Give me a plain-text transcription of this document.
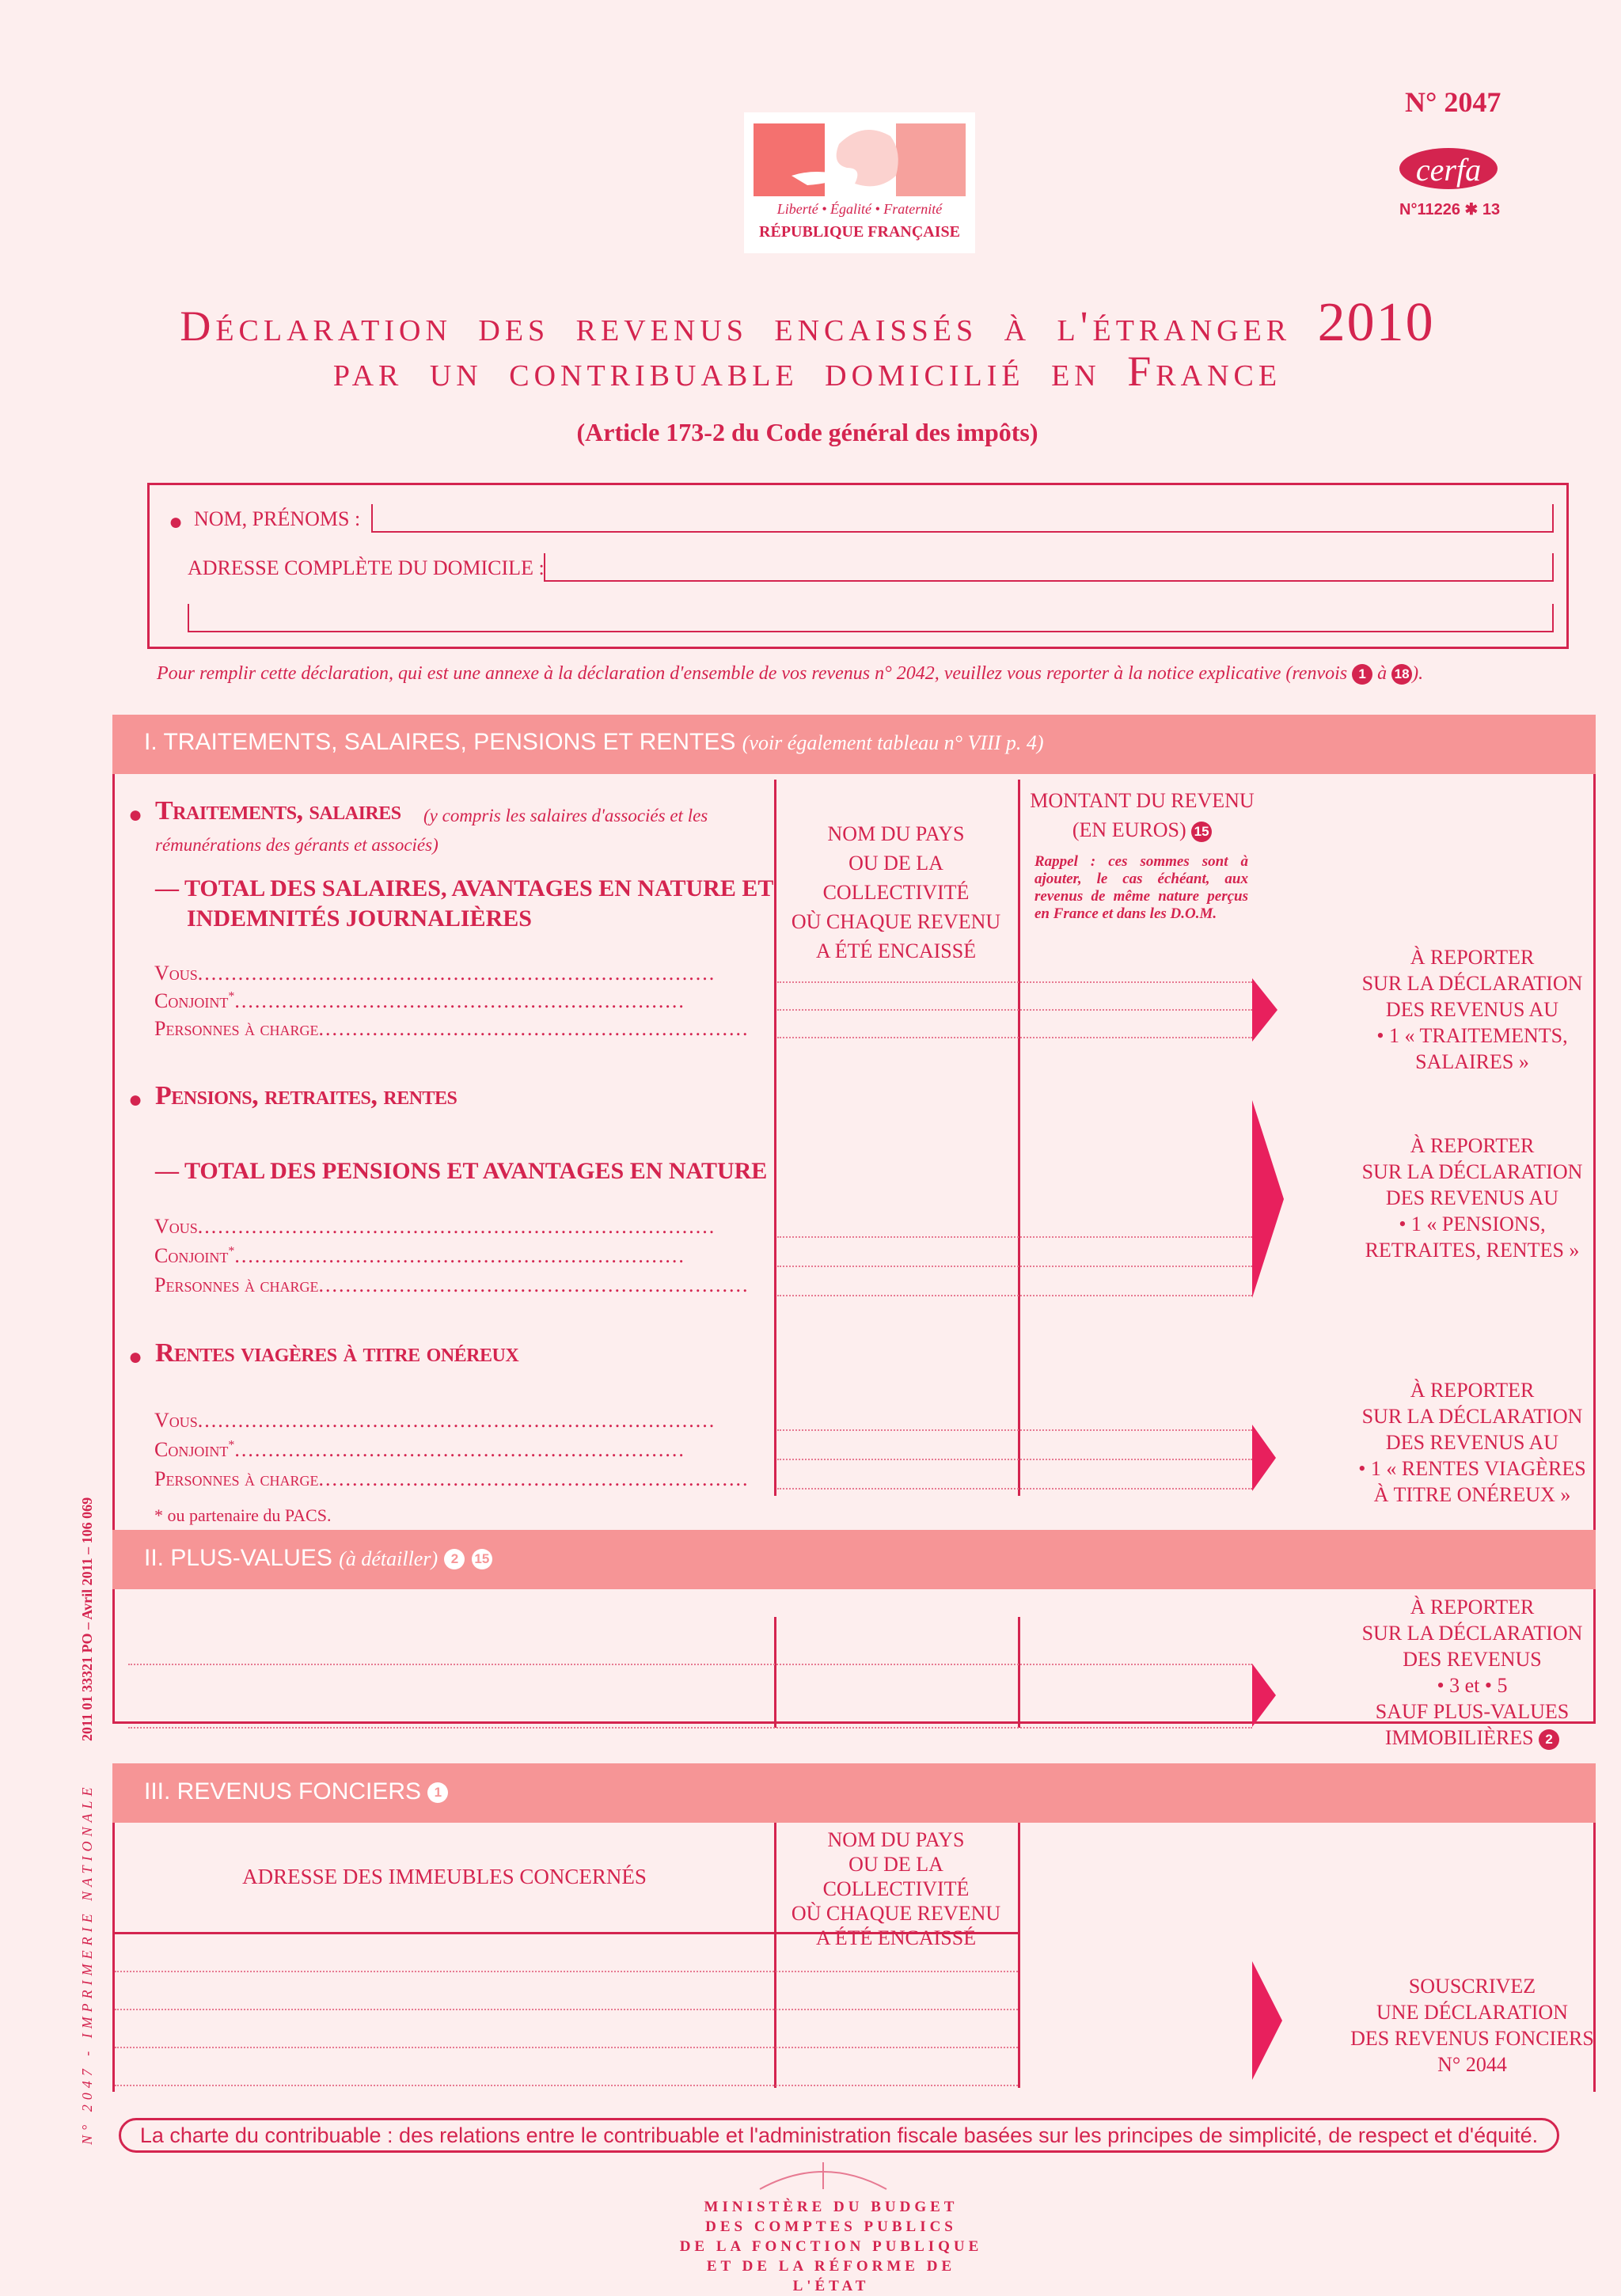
N° 2047
cerfa
N°11226 ✱ 13
Liberté • Égalité • Fraternité
RÉPUBLIQUE FRANÇAISE
Déclaration des revenus encaissés à l'étranger 2010
par un contribuable domicilié en France
(Article 173-2 du Code général des impôts)
● NOM, PRÉNOMS :
ADRESSE COMPLÈTE DU DOMICILE :
Pour remplir cette déclaration, qui est une annexe à la déclaration d'ensemble de vos revenus n° 2042, veuillez vous reporter à la notice explicative (renvois 1 à 18 ).
I. TRAITEMENTS, SALAIRES, PENSIONS ET RENTES (voir également tableau n° VIII p. 4)
NOM DU PAYS
OU DE LA COLLECTIVITÉ
OÙ CHAQUE REVENU
A ÉTÉ ENCAISSÉ
MONTANT DU REVENU
(EN EUROS) 15
Rappel : ces sommes sont à ajouter, le cas échéant, aux revenus de même nature perçus en France et dans les D.O.M.
● Traitements, salaires (y compris les salaires d'associés et les
rémunérations des gérants et associés)
— TOTAL DES SALAIRES, AVANTAGES EN NATURE ET
INDEMNITÉS JOURNALIÈRES
Vous.............................................................................
Conjoint*...................................................................
Personnes à charge................................................................
À REPORTER
SUR LA DÉCLARATION
DES REVENUS AU
• 1 « TRAITEMENTS,
SALAIRES »
● Pensions, retraites, rentes
— TOTAL DES PENSIONS ET AVANTAGES EN NATURE
Vous.............................................................................
Conjoint*...................................................................
Personnes à charge................................................................
À REPORTER
SUR LA DÉCLARATION
DES REVENUS AU
• 1 « PENSIONS,
RETRAITES, RENTES »
● Rentes viagères à titre onéreux
Vous.............................................................................
Conjoint*...................................................................
Personnes à charge................................................................
À REPORTER
SUR LA DÉCLARATION
DES REVENUS AU
• 1 « RENTES VIAGÈRES
À TITRE ONÉREUX »
* ou partenaire du PACS.
II. PLUS-VALUES (à détailler) 2 15
À REPORTER
SUR LA DÉCLARATION
DES REVENUS
• 3 et • 5
SAUF PLUS-VALUES
IMMOBILIÈRES 2
III. REVENUS FONCIERS 1
ADRESSE DES IMMEUBLES CONCERNÉS
NOM DU PAYS
OU DE LA COLLECTIVITÉ
OÙ CHAQUE REVENU
A ÉTÉ ENCAISSÉ
SOUSCRIVEZ
UNE DÉCLARATION
DES REVENUS FONCIERS
N° 2044
La charte du contribuable : des relations entre le contribuable et l'administration fiscale basées sur les principes de simplicité, de respect et d'équité.
MINISTÈRE DU BUDGET
DES COMPTES PUBLICS
DE LA FONCTION PUBLIQUE
ET DE LA RÉFORME DE L'ÉTAT
2011 01 33321 PO – Avril 2011 – 106 069
N° 2047 - IMPRIMERIE NATIONALE
